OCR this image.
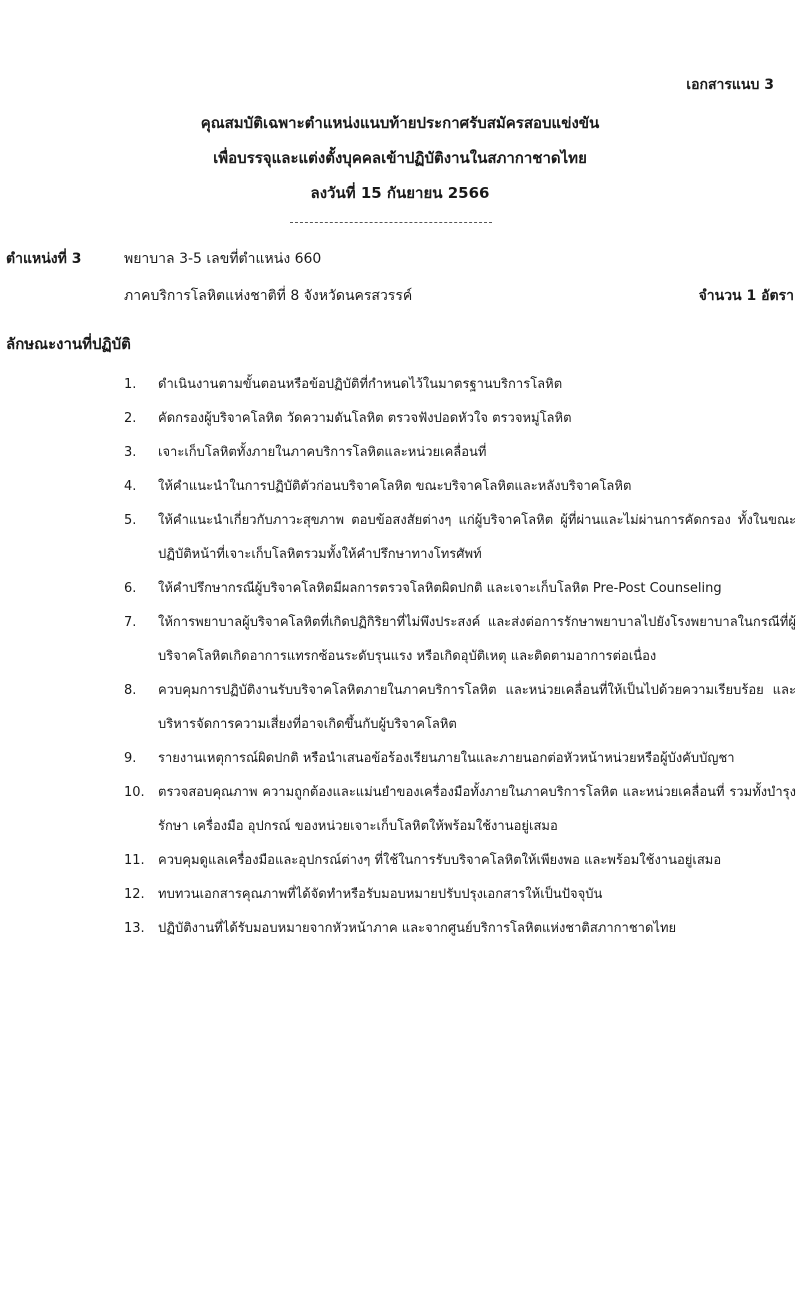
เอกสารแนบ 3
คุณสมบัติเฉพาะตำแหน่งแนบท้ายประกาศรับสมัครสอบแข่งขัน
เพื่อบรรจุและแต่งตั้งบุคคลเข้าปฏิบัติงานในสภากาชาดไทย
ลงวันที่ 15 กันยายน 2566
ตำแหน่งที่ 3	พยาบาล 3-5 เลขที่ตำแหน่ง 660
ภาคบริการโลหิตแห่งชาติที่ 8 จังหวัดนครสวรรค์	จำนวน 1 อัตรา
ลักษณะงานที่ปฏิบัติ
1. ดำเนินงานตามขั้นตอนหรือข้อปฏิบัติที่กำหนดไว้ในมาตรฐานบริการโลหิต
2. คัดกรองผู้บริจาคโลหิต วัดความดันโลหิต ตรวจฟังปอดหัวใจ ตรวจหมู่โลหิต
3. เจาะเก็บโลหิตทั้งภายในภาคบริการโลหิตและหน่วยเคลื่อนที่
4. ให้คำแนะนำในการปฏิบัติตัวก่อนบริจาคโลหิต ขณะบริจาคโลหิตและหลังบริจาคโลหิต
5. ให้คำแนะนำเกี่ยวกับภาวะสุขภาพ ตอบข้อสงสัยต่างๆ แก่ผู้บริจาคโลหิต ผู้ที่ผ่านและไม่ผ่านการคัดกรอง ทั้งในขณะปฏิบัติหน้าที่เจาะเก็บโลหิตรวมทั้งให้คำปรึกษาทางโทรศัพท์
6. ให้คำปรึกษากรณีผู้บริจาคโลหิตมีผลการตรวจโลหิตผิดปกติ และเจาะเก็บโลหิต Pre-Post Counseling
7. ให้การพยาบาลผู้บริจาคโลหิตที่เกิดปฏิกิริยาที่ไม่พึงประสงค์ และส่งต่อการรักษาพยาบาลไปยังโรงพยาบาลในกรณีที่ผู้บริจาคโลหิตเกิดอาการแทรกซ้อนระดับรุนแรง หรือเกิดอุบัติเหตุ และติดตามอาการต่อเนื่อง
8. ควบคุมการปฏิบัติงานรับบริจาคโลหิตภายในภาคบริการโลหิต และหน่วยเคลื่อนที่ให้เป็นไปด้วยความเรียบร้อย และบริหารจัดการความเสี่ยงที่อาจเกิดขึ้นกับผู้บริจาคโลหิต
9. รายงานเหตุการณ์ผิดปกติ หรือนำเสนอข้อร้องเรียนภายในและภายนอกต่อหัวหน้าหน่วยหรือผู้บังคับบัญชา
10. ตรวจสอบคุณภาพ ความถูกต้องและแม่นยำของเครื่องมือทั้งภายในภาคบริการโลหิต และหน่วยเคลื่อนที่ รวมทั้งบำรุงรักษา เครื่องมือ อุปกรณ์ ของหน่วยเจาะเก็บโลหิตให้พร้อมใช้งานอยู่เสมอ
11. ควบคุมดูแลเครื่องมือและอุปกรณ์ต่างๆ ที่ใช้ในการรับบริจาคโลหิตให้เพียงพอ และพร้อมใช้งานอยู่เสมอ
12. ทบทวนเอกสารคุณภาพที่ได้จัดทำหรือรับมอบหมายปรับปรุงเอกสารให้เป็นปัจจุบัน
13. ปฏิบัติงานที่ได้รับมอบหมายจากหัวหน้าภาค และจากศูนย์บริการโลหิตแห่งชาติสภากาชาดไทย
